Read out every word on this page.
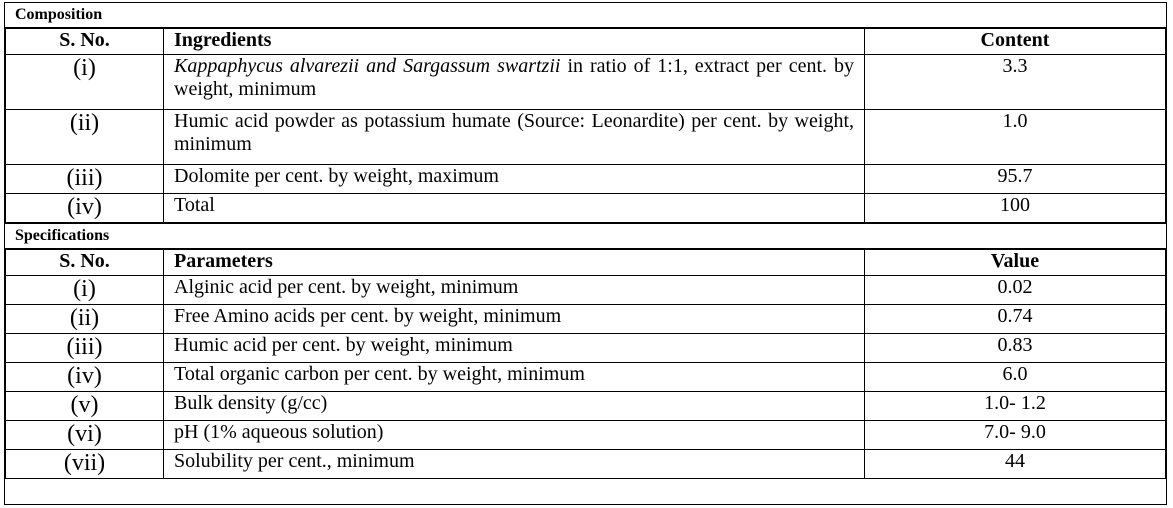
Composition
S. No.	Ingredients	Content
(i)	Kappaphycus alvarezii and Sargassum swartzii in ratio of 1:1, extract per cent. by weight, minimum	3.3
(ii)	Humic acid powder as potassium humate (Source: Leonardite) per cent. by weight, minimum	1.0
(iii)	Dolomite per cent. by weight, maximum	95.7
(iv)	Total	100
Specifications
S. No.	Parameters	Value
(i)	Alginic acid per cent. by weight, minimum	0.02
(ii)	Free Amino acids per cent. by weight, minimum	0.74
(iii)	Humic acid per cent. by weight, minimum	0.83
(iv)	Total organic carbon per cent. by weight, minimum	6.0
(v)	Bulk density (g/cc)	1.0- 1.2
(vi)	pH (1% aqueous solution)	7.0- 9.0
(vii)	Solubility per cent., minimum	44
